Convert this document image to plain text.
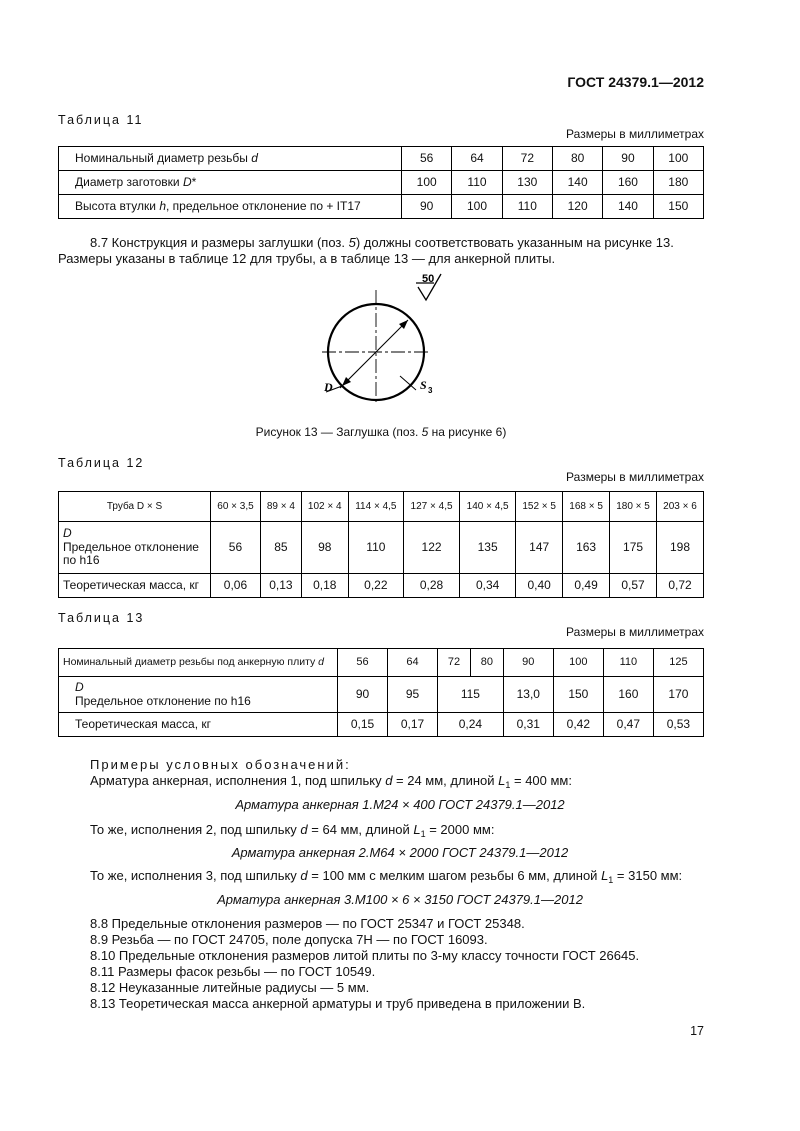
ГОСТ 24379.1—2012
Таблица 11
Размеры в миллиметрах
Номинальный диаметр резьбы d	56	64	72	80	90	100
Диаметр заготовки D*	100	110	130	140	160	180
Высота втулки h, предельное отклонение по + IT17	90	100	110	120	140	150
8.7 Конструкция и размеры заглушки (поз. 5) должны соответствовать указанным на рисунке 13.
Размеры указаны в таблице 12 для трубы, а в таблице 13 — для анкерной плиты.
50
D	S 3
Рисунок 13 — Заглушка (поз. 5 на рисунке 6)
Таблица 12
Размеры в миллиметрах
Труба D × S	60 × 3,5	89 × 4	102 × 4	114 × 4,5	127 × 4,5	140 × 4,5	152 × 5	168 × 5	180 × 5	203 × 6
D
Предельное отклонение
по h16	56	85	98	110	122	135	147	163	175	198
Теоретическая масса, кг	0,06	0,13	0,18	0,22	0,28	0,34	0,40	0,49	0,57	0,72
Таблица 13
Размеры в миллиметрах
Номинальный диаметр резьбы под анкерную плиту d	56	64	72	80	90	100	110	125
D
Предельное отклонение по h16	90	95	115		13,0	150	160	170
Теоретическая масса, кг	0,15	0,17	0,24		0,31	0,42	0,47	0,53
Примеры условных обозначений:
Арматура анкерная, исполнения 1, под шпильку d = 24 мм, длиной $L_1 = 400$ мм:
Арматура анкерная 1.М24 × 400 ГОСТ 24379.1—2012
То же, исполнения 2, под шпильку d = 64 мм, длиной $L_1 = 2000$ мм:
Арматура анкерная 2.М64 × 2000 ГОСТ 24379.1—2012
То же, исполнения 3, под шпильку d = 100 мм с мелким шагом резьбы 6 мм, длиной $L_1 = 3150$ мм:
Арматура анкерная 3.М100 × 6 × 3150 ГОСТ 24379.1—2012
8.8 Предельные отклонения размеров — по ГОСТ 25347 и ГОСТ 25348.
8.9 Резьба — по ГОСТ 24705, поле допуска 7Н — по ГОСТ 16093.
8.10 Предельные отклонения размеров литой плиты по 3-му классу точности ГОСТ 26645.
8.11 Размеры фасок резьбы — по ГОСТ 10549.
8.12 Неуказанные литейные радиусы — 5 мм.
8.13 Теоретическая масса анкерной арматуры и труб приведена в приложении В.
17
